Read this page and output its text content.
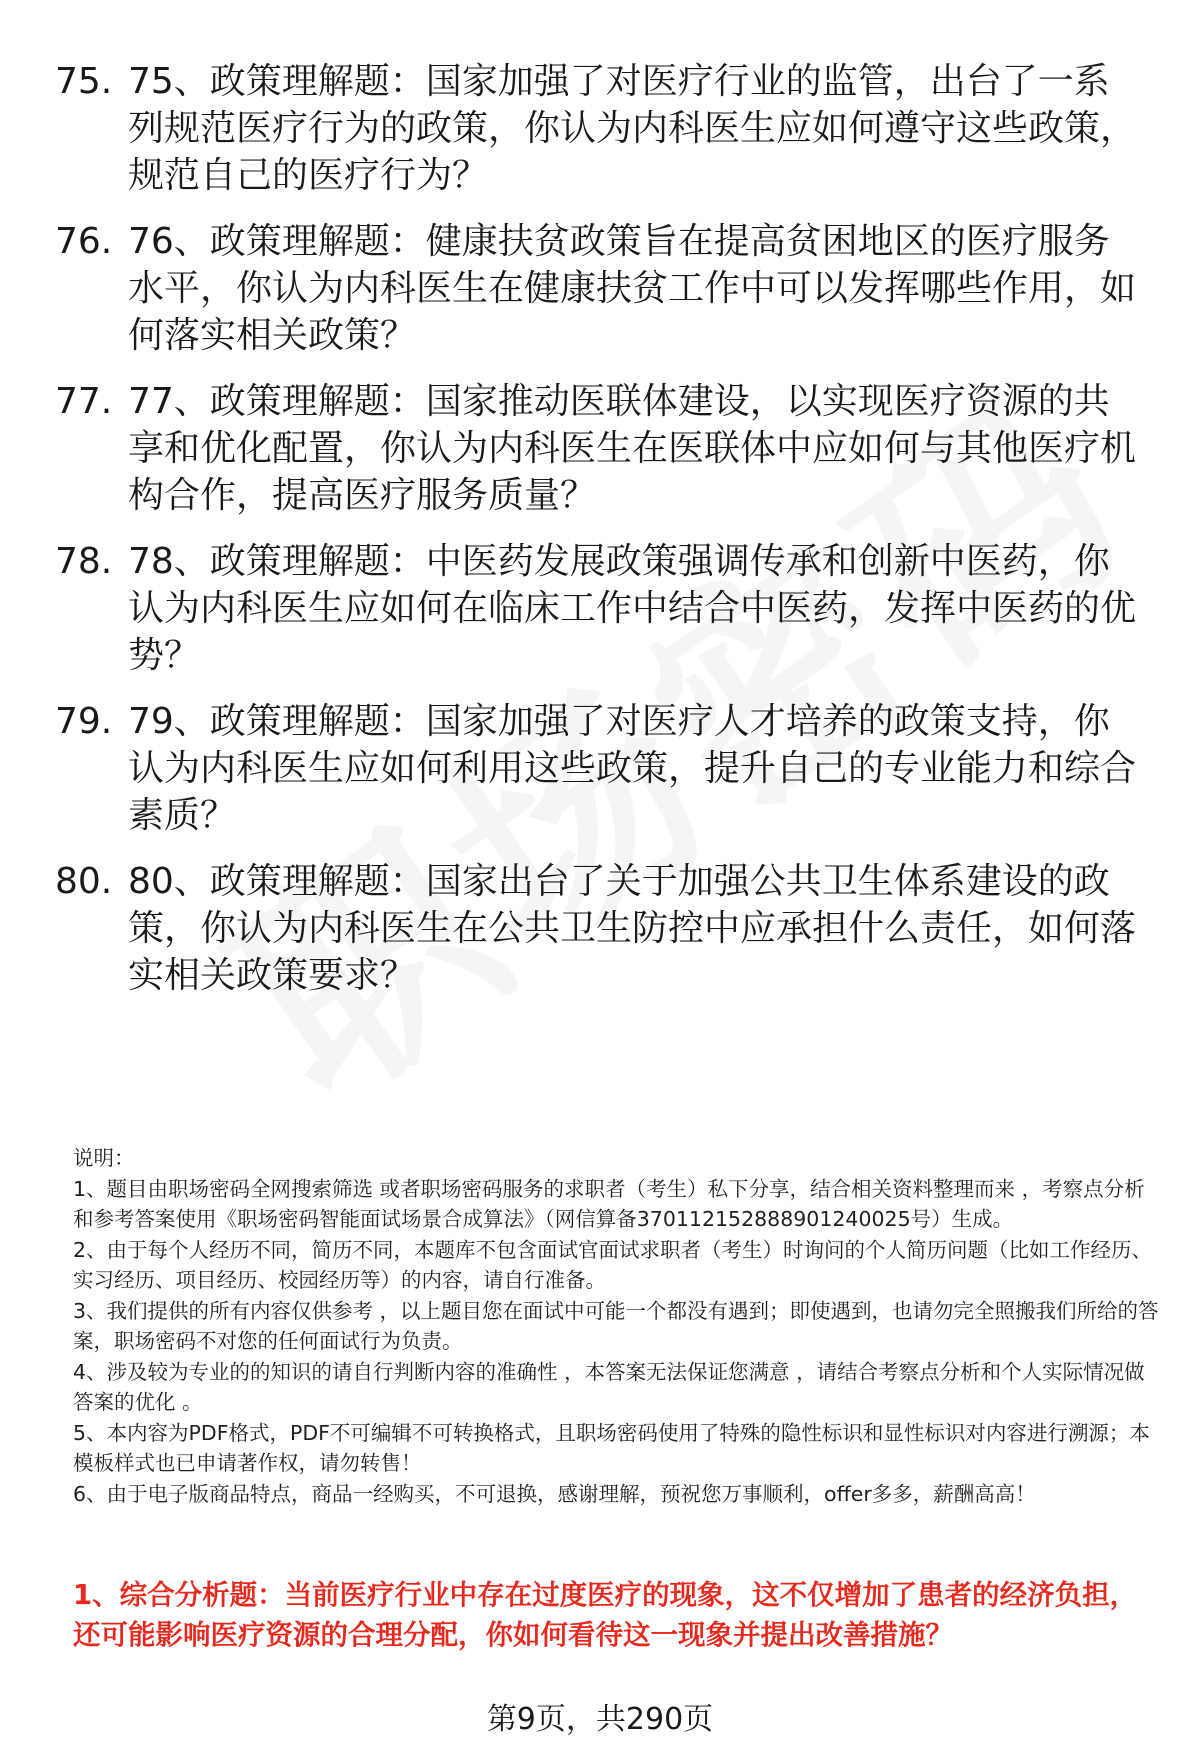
75. 75、政策理解题：国家加强了对医疗行业的监管，出台了一系列规范医疗行为的政策，你认为内科医生应如何遵守这些政策，规范自己的医疗行为？
76. 76、政策理解题：健康扶贫政策旨在提高贫困地区的医疗服务水平，你认为内科医生在健康扶贫工作中可以发挥哪些作用，如何落实相关政策？
77. 77、政策理解题：国家推动医联体建设，以实现医疗资源的共享和优化配置，你认为内科医生在医联体中应如何与其他医疗机构合作，提高医疗服务质量？
78. 78、政策理解题：中医药发展政策强调传承和创新中医药，你认为内科医生应如何在临床工作中结合中医药，发挥中医药的优势？
79. 79、政策理解题：国家加强了对医疗人才培养的政策支持，你认为内科医生应如何利用这些政策，提升自己的专业能力和综合素质？
80. 80、政策理解题：国家出台了关于加强公共卫生体系建设的政策，你认为内科医生在公共卫生防控中应承担什么责任，如何落实相关政策要求？

说明：

1、题目由职场密码全网搜索筛选 或者职场密码服务的求职者（考生）私下分享，结合相关资料整理而来 ，考察点分析和参考答案使用《职场密码智能面试场景合成算法》（网信算备370112152888901240025号）生成。

2、由于每个人经历不同，简历不同，本题库不包含面试官面试求职者（考生）时询问的个人简历问题（比如工作经历、实习经历、项目经历、校园经历等）的内容，请自行准备。

3、我们提供的所有内容仅供参考 ，以上题目您在面试中可能一个都没有遇到；即使遇到，也请勿完全照搬我们所给的答案，职场密码不对您的任何面试行为负责。

4、涉及较为专业的的知识的请自行判断内容的准确性 ，本答案无法保证您满意 ，请结合考察点分析和个人实际情况做答案的优化 。

5、本内容为PDF格式，PDF不可编辑不可转换格式，且职场密码使用了特殊的隐性标识和显性标识对内容进行溯源；本模板样式也已申请著作权，请勿转售！

6、由于电子版商品特点，商品一经购买，不可退换，感谢理解，预祝您万事顺利，offer多多，薪酬高高！

1、综合分析题：当前医疗行业中存在过度医疗的现象，这不仅增加了患者的经济负担，还可能影响医疗资源的合理分配，你如何看待这一现象并提出改善措施？
第9页，共290页
